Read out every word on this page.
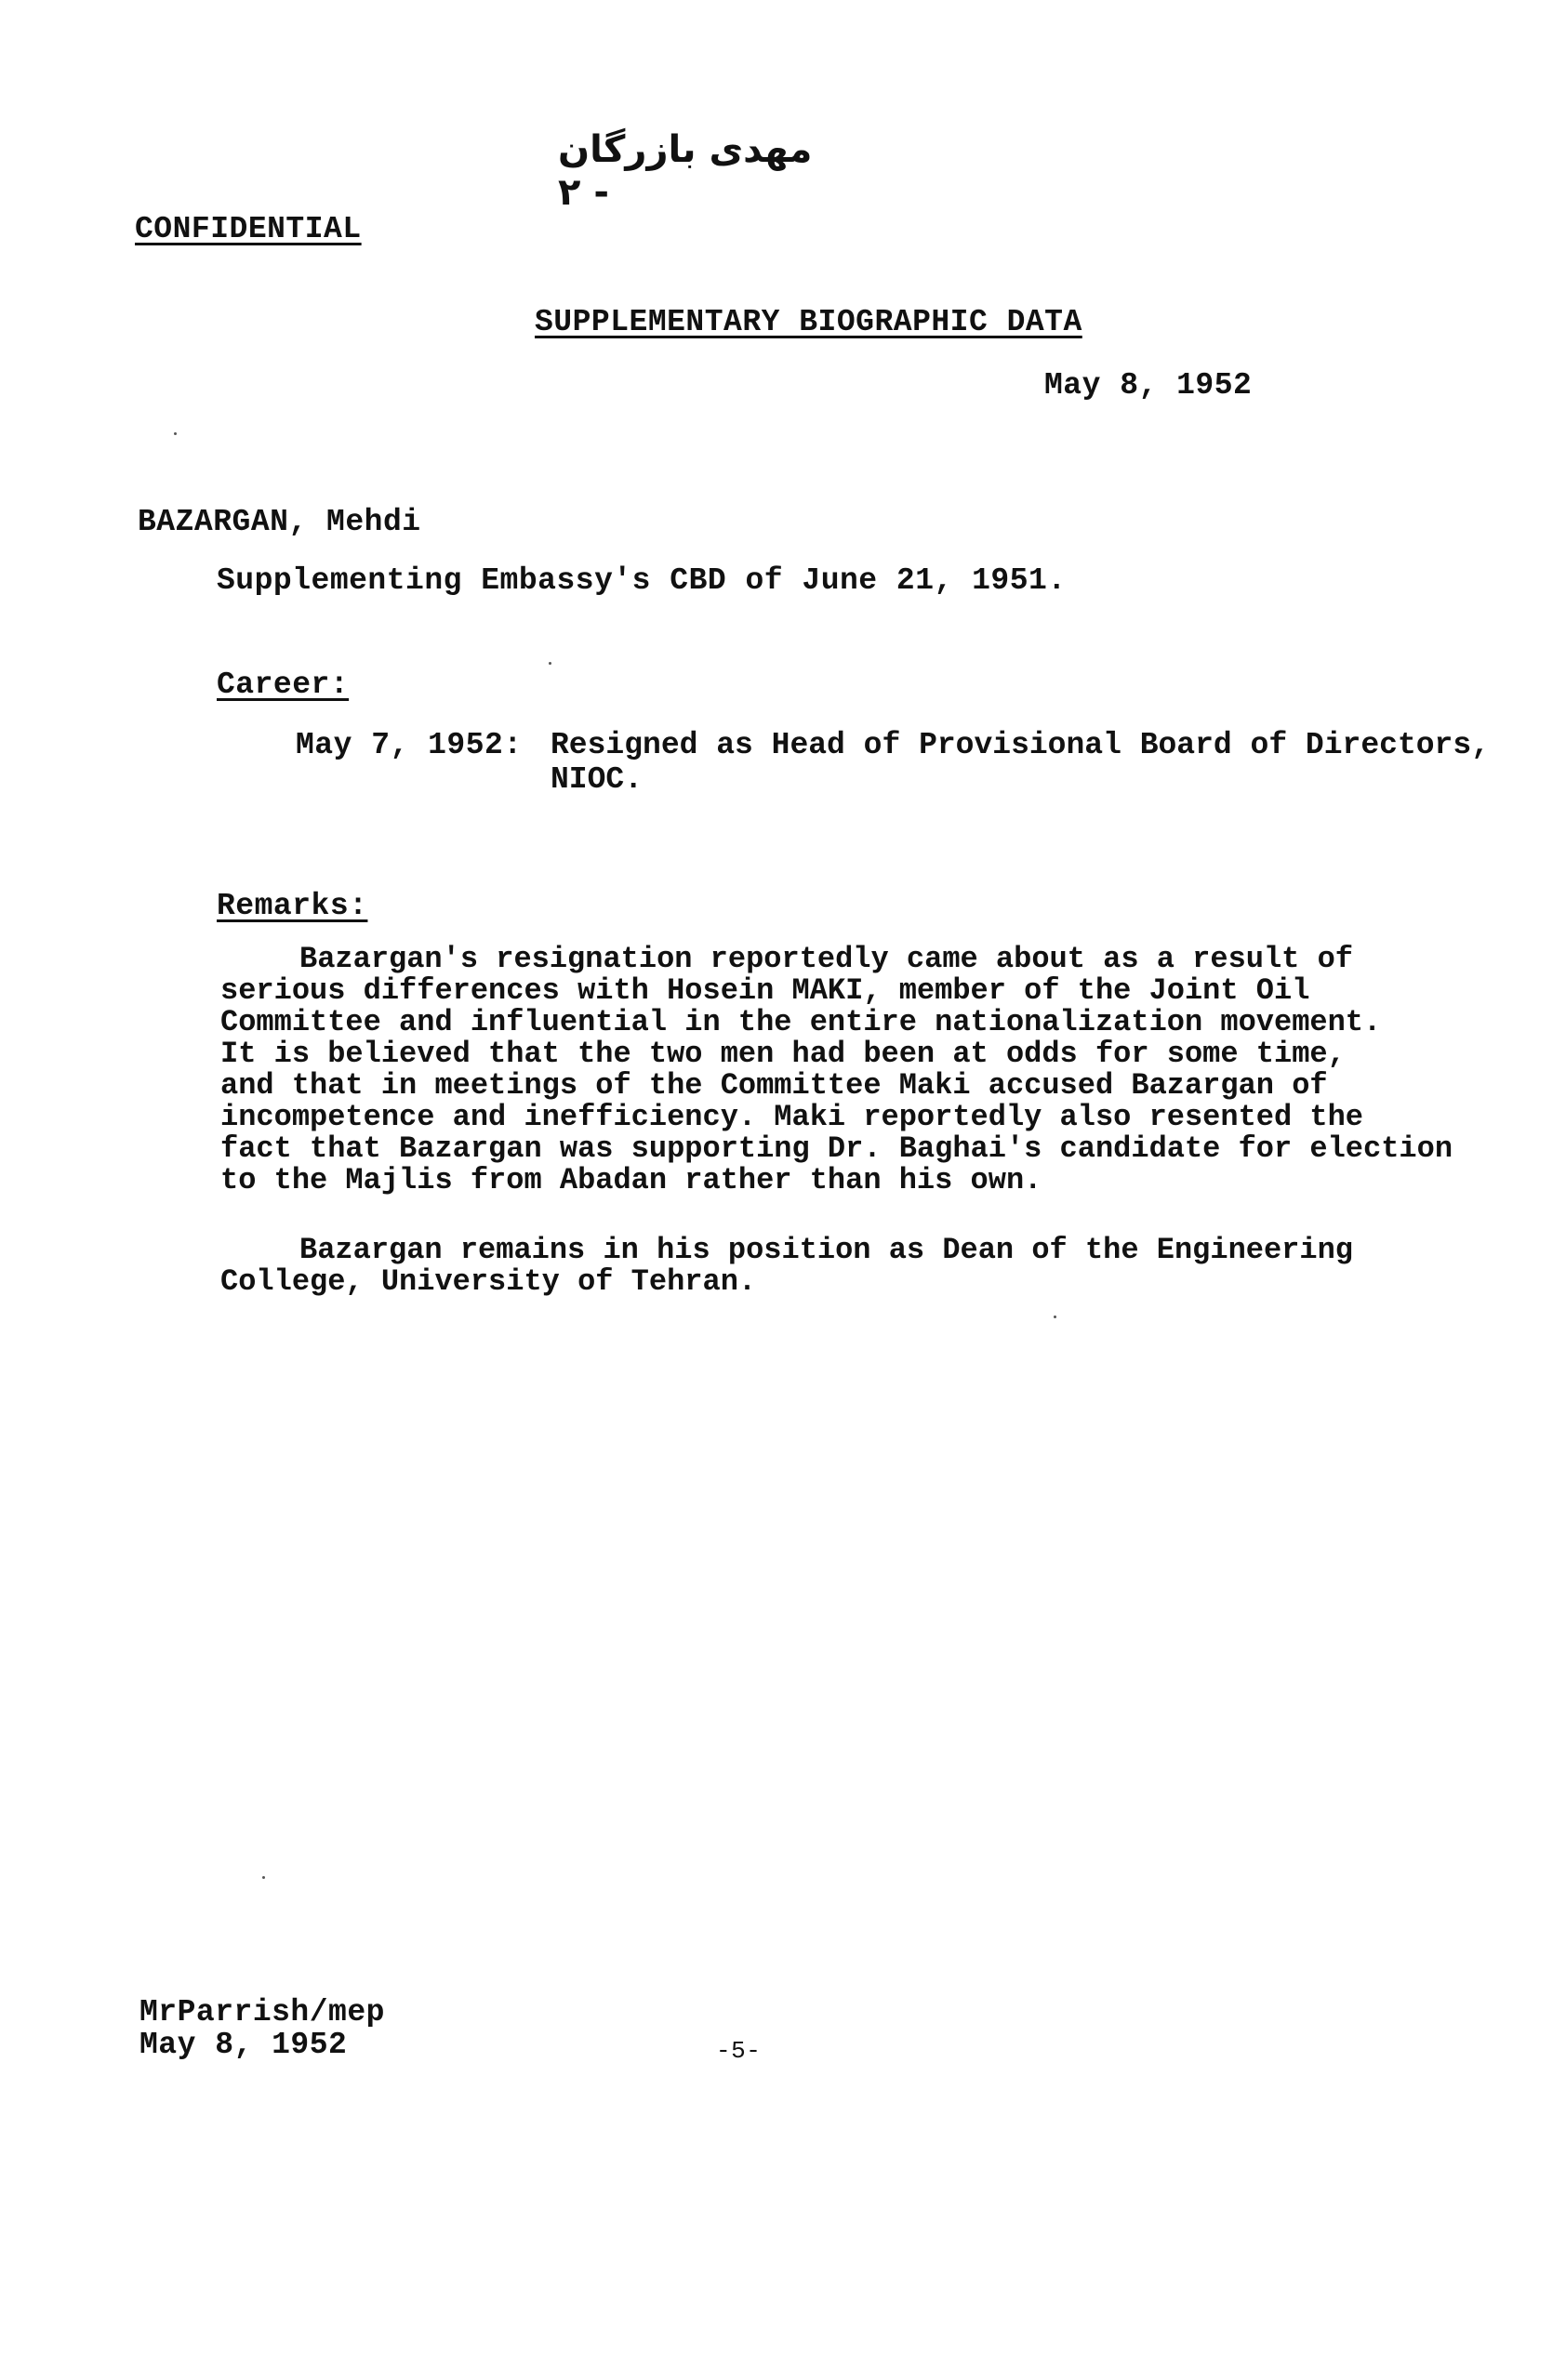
مهدی بازرگان - ۲
CONFIDENTIAL
SUPPLEMENTARY BIOGRAPHIC DATA
May 8, 1952
BAZARGAN, Mehdi
Supplementing Embassy's CBD of June 21, 1951.
Career:
May 7, 1952: Resigned as Head of Provisional Board of Directors,
NIOC.
Remarks:
Bazargan's resignation reportedly came about as a result of
serious differences with Hosein MAKI, member of the Joint Oil
Committee and influential in the entire nationalization movement.
It is believed that the two men had been at odds for some time,
and that in meetings of the Committee Maki accused Bazargan of
incompetence and inefficiency. Maki reportedly also resented the
fact that Bazargan was supporting Dr. Baghai's candidate for election
to the Majlis from Abadan rather than his own.
Bazargan remains in his position as Dean of the Engineering
College, University of Tehran.
MrParrish/mep
May 8, 1952	-5-
